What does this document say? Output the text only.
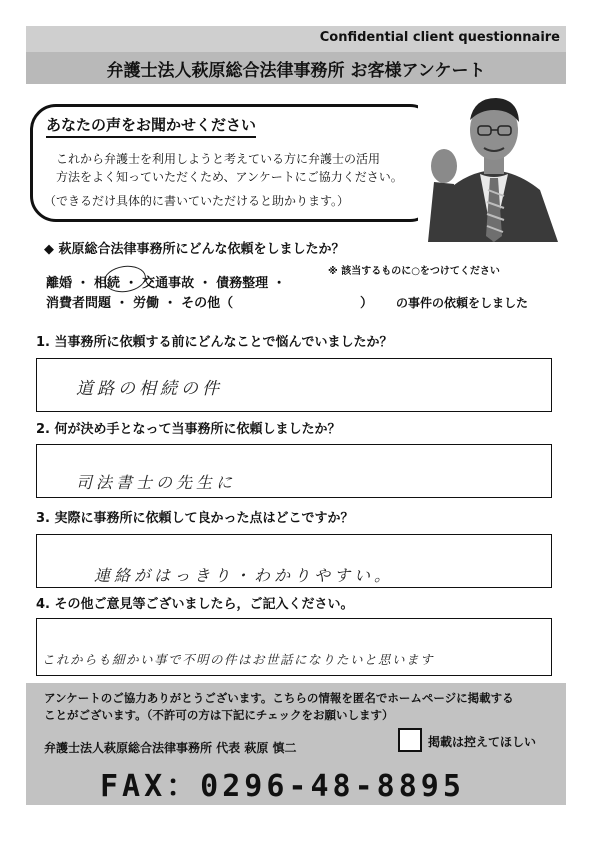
Confidential client questionnaire
弁護士法人萩原総合法律事務所 お客様アンケート
あなたの声をお聞かせください
これから弁護士を利用しようと考えている方に弁護士の活用
方法をよく知っていただくため、アンケートにご協力ください。
（できるだけ具体的に書いていただけると助かります。）
◆ 萩原総合法律事務所にどんな依頼をしましたか？
※ 該当するものに○をつけてください
離婚 ・ 相続 ・ 交通事故 ・ 債務整理 ・
消費者問題 ・ 労働 ・ その他（	） の事件の依頼をしました
1. 当事務所に依頼する前にどんなことで悩んでいましたか？
道路の相続の件
2. 何が決め手となって当事務所に依頼しましたか？
司法書士の先生に
3. 実際に事務所に依頼して良かった点はどこですか？
連絡がはっきり・わかりやすい。
4. その他ご意見等ございましたら，ご記入ください。
これからも細かい事で不明の件はお世話になりたいと思います
アンケートのご協力ありがとうございます。こちらの情報を匿名でホームページに掲載する
ことがございます。（不許可の方は下記にチェックをお願いします）
弁護士法人萩原総合法律事務所 代表 萩原 慎二	掲載は控えてほしい
FAX：0296-48-8895
